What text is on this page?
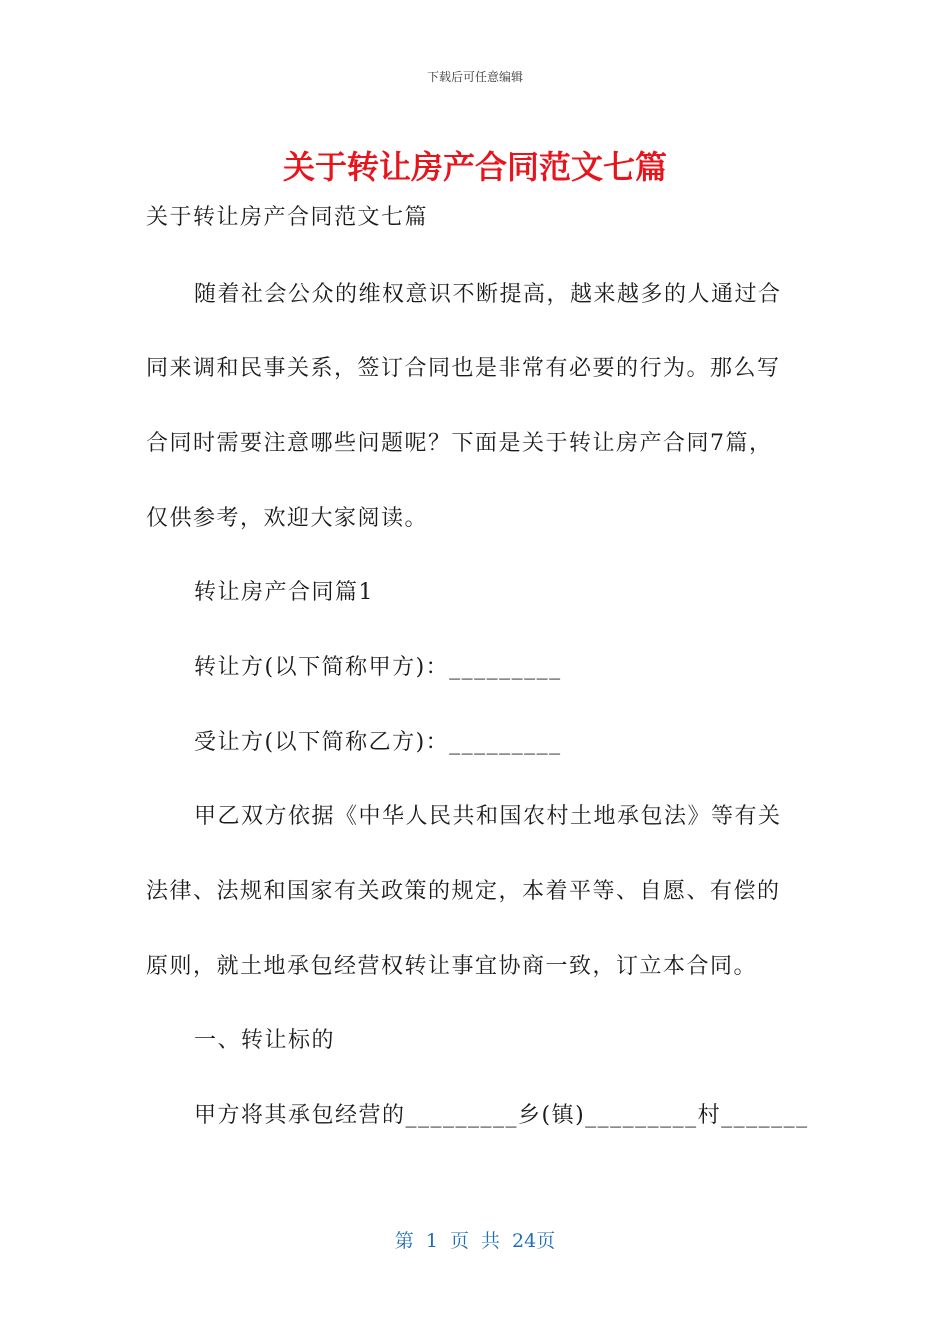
下载后可任意编辑
关于转让房产合同范文七篇
关于转让房产合同范文七篇
随着社会公众的维权意识不断提高，越来越多的人通过合
同来调和民事关系，签订合同也是非常有必要的行为。那么写
合同时需要注意哪些问题呢？下面是关于转让房产合同7篇，
仅供参考，欢迎大家阅读。
转让房产合同篇1
转让方(以下简称甲方)：_________
受让方(以下简称乙方)：_________
甲乙双方依据《中华人民共和国农村土地承包法》等有关
法律、法规和国家有关政策的规定，本着平等、自愿、有偿的
原则，就土地承包经营权转让事宜协商一致，订立本合同。
一、转让标的
甲方将其承包经营的_________乡(镇)_________村_______
第 1 页 共 24页
